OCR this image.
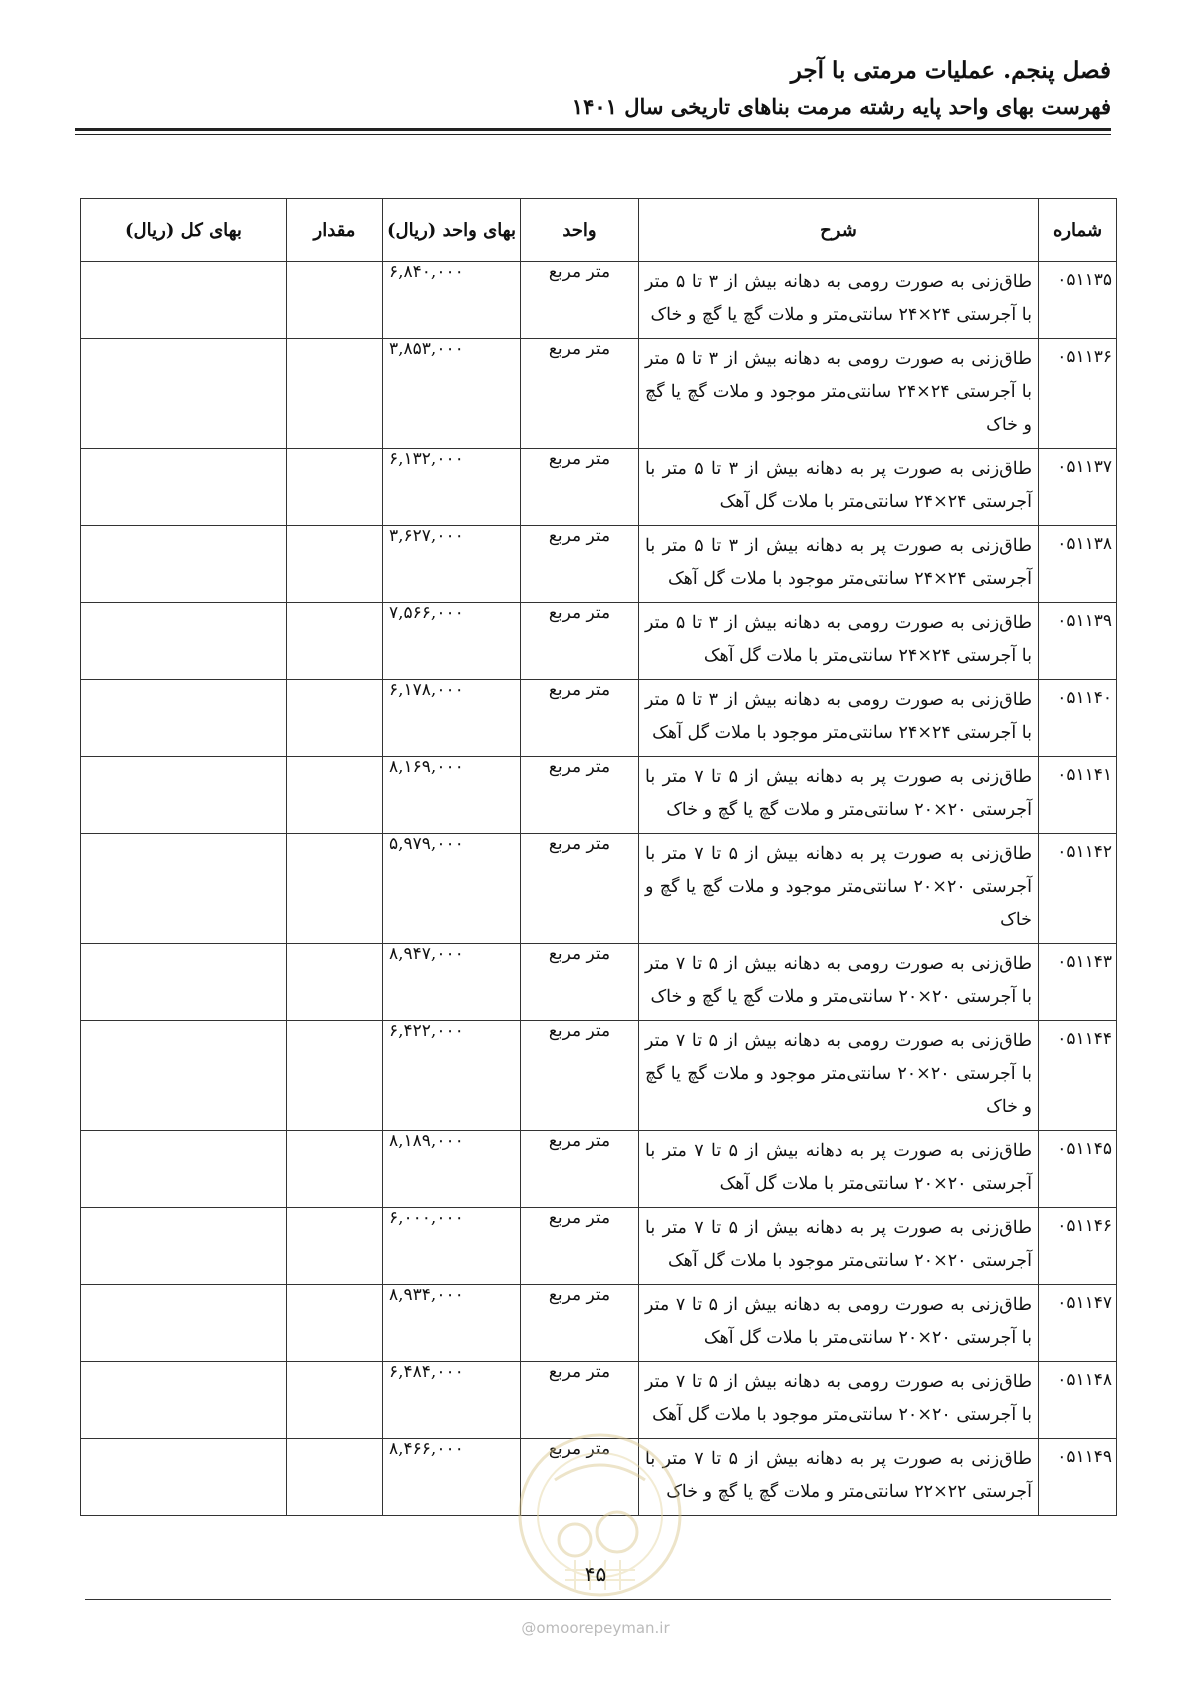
فصل پنجم. عملیات مرمتی با آجر
فهرست بهای واحد پایه رشته مرمت بناهای تاریخی سال ۱۴۰۱
شماره	شرح	واحد	بهای واحد (ریال)	مقدار	بهای کل (ریال)
۰۵۱۱۳۵	طاق‌زنی به صورت رومی به دهانه بیش از ۳ تا ۵ متر با آجرستی ۲۴×۲۴ سانتی‌متر و ملات گچ یا گچ و خاک	متر مربع	۶,۸۴۰,۰۰۰		
۰۵۱۱۳۶	طاق‌زنی به صورت رومی به دهانه بیش از ۳ تا ۵ متر با آجرستی ۲۴×۲۴ سانتی‌متر موجود و ملات گچ یا گچ و خاک	متر مربع	۳,۸۵۳,۰۰۰		
۰۵۱۱۳۷	طاق‌زنی به صورت پر به دهانه بیش از ۳ تا ۵ متر با آجرستی ۲۴×۲۴ سانتی‌متر با ملات گل آهک	متر مربع	۶,۱۳۲,۰۰۰		
۰۵۱۱۳۸	طاق‌زنی به صورت پر به دهانه بیش از ۳ تا ۵ متر با آجرستی ۲۴×۲۴ سانتی‌متر موجود با ملات گل آهک	متر مربع	۳,۶۲۷,۰۰۰		
۰۵۱۱۳۹	طاق‌زنی به صورت رومی به دهانه بیش از ۳ تا ۵ متر با آجرستی ۲۴×۲۴ سانتی‌متر با ملات گل آهک	متر مربع	۷,۵۶۶,۰۰۰		
۰۵۱۱۴۰	طاق‌زنی به صورت رومی به دهانه بیش از ۳ تا ۵ متر با آجرستی ۲۴×۲۴ سانتی‌متر موجود با ملات گل آهک	متر مربع	۶,۱۷۸,۰۰۰		
۰۵۱۱۴۱	طاق‌زنی به صورت پر به دهانه بیش از ۵ تا ۷ متر با آجرستی ۲۰×۲۰ سانتی‌متر و ملات گچ یا گچ و خاک	متر مربع	۸,۱۶۹,۰۰۰		
۰۵۱۱۴۲	طاق‌زنی به صورت پر به دهانه بیش از ۵ تا ۷ متر با آجرستی ۲۰×۲۰ سانتی‌متر موجود و ملات گچ یا گچ و خاک	متر مربع	۵,۹۷۹,۰۰۰		
۰۵۱۱۴۳	طاق‌زنی به صورت رومی به دهانه بیش از ۵ تا ۷ متر با آجرستی ۲۰×۲۰ سانتی‌متر و ملات گچ یا گچ و خاک	متر مربع	۸,۹۴۷,۰۰۰		
۰۵۱۱۴۴	طاق‌زنی به صورت رومی به دهانه بیش از ۵ تا ۷ متر با آجرستی ۲۰×۲۰ سانتی‌متر موجود و ملات گچ یا گچ و خاک	متر مربع	۶,۴۲۲,۰۰۰		
۰۵۱۱۴۵	طاق‌زنی به صورت پر به دهانه بیش از ۵ تا ۷ متر با آجرستی ۲۰×۲۰ سانتی‌متر با ملات گل آهک	متر مربع	۸,۱۸۹,۰۰۰		
۰۵۱۱۴۶	طاق‌زنی به صورت پر به دهانه بیش از ۵ تا ۷ متر با آجرستی ۲۰×۲۰ سانتی‌متر موجود با ملات گل آهک	متر مربع	۶,۰۰۰,۰۰۰		
۰۵۱۱۴۷	طاق‌زنی به صورت رومی به دهانه بیش از ۵ تا ۷ متر با آجرستی ۲۰×۲۰ سانتی‌متر با ملات گل آهک	متر مربع	۸,۹۳۴,۰۰۰		
۰۵۱۱۴۸	طاق‌زنی به صورت رومی به دهانه بیش از ۵ تا ۷ متر با آجرستی ۲۰×۲۰ سانتی‌متر موجود با ملات گل آهک	متر مربع	۶,۴۸۴,۰۰۰		
۰۵۱۱۴۹	طاق‌زنی به صورت پر به دهانه بیش از ۵ تا ۷ متر با آجرستی ۲۲×۲۲ سانتی‌متر و ملات گچ یا گچ و خاک	متر مربع	۸,۴۶۶,۰۰۰		
۴۵
@omoorepeyman.ir
